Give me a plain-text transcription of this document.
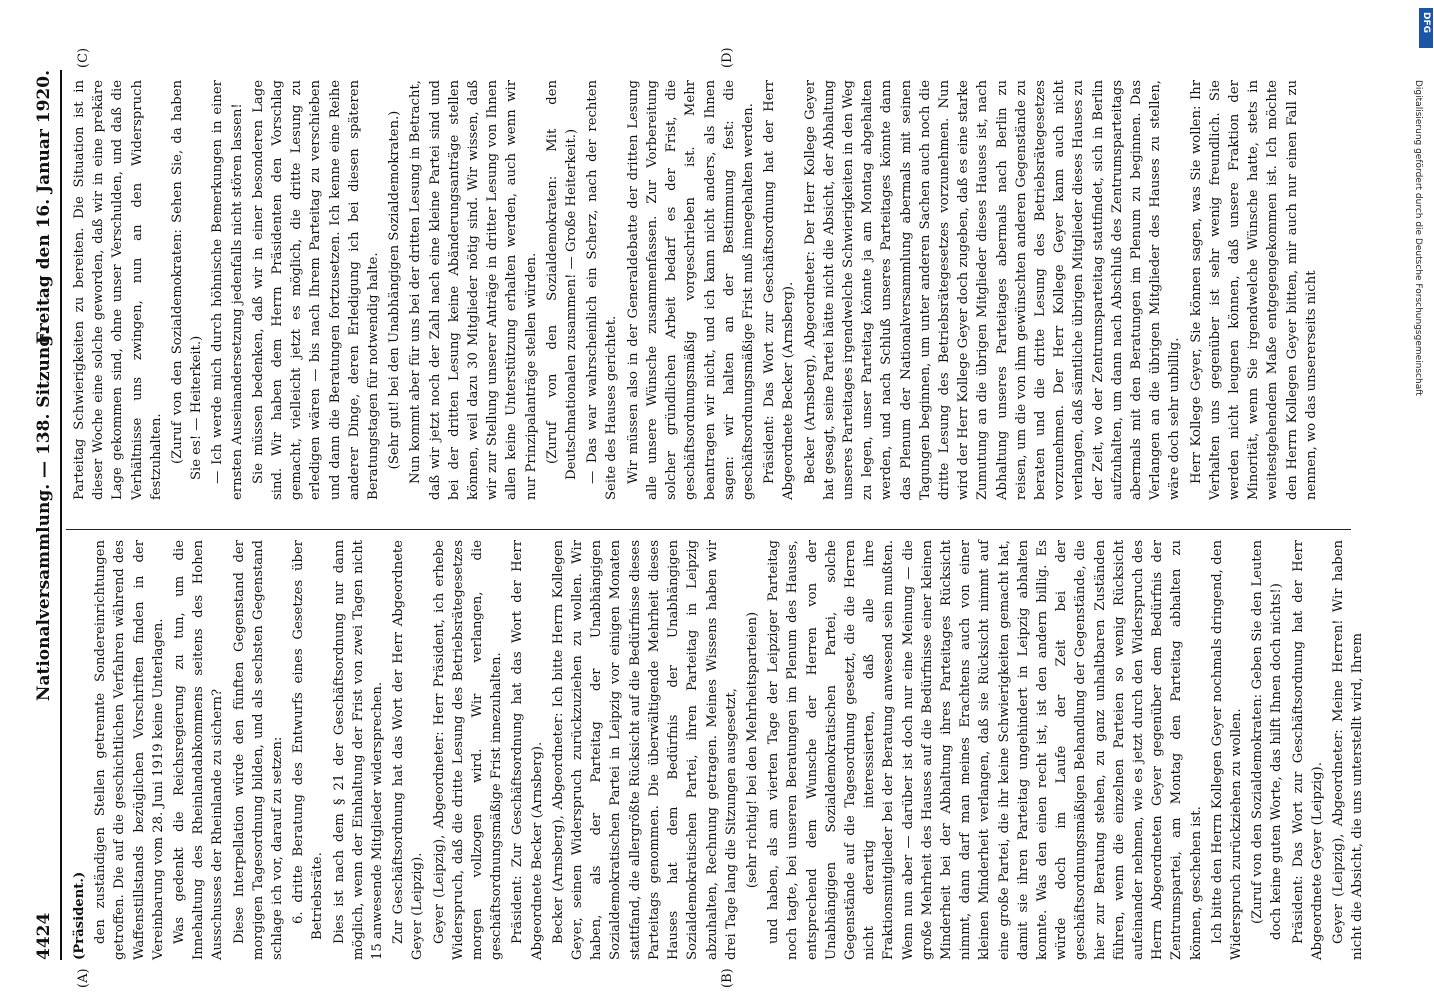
4424
Nationalversammlung. — 138. Sitzung.
Freitag den 16. Januar 1920.

(Präsident.) den zuständigen Stellen getrennte Sondereinrichtungen getroffen. Die auf die geschichtlichen Verfahren während des Waffenstillstands bezüglichen Vorschriften finden in der Vereinbarung vom 28. Juni 1919 keine Unterlagen. Was gedenkt die Reichsregierung zu tun, um die Innehaltung des Rheinlandabkommens seitens des Hohen Ausschusses der Rheinlande zu sichern? Diese Interpellation würde den fünften Gegenstand der morgigen Tagesordnung bilden, und als sechsten Gegenstand schlage ich vor, darauf zu setzen: 6. dritte Beratung des Entwurfs eines Gesetzes über Betriebsräte. Dies ist nach dem § 21 der Geschäftsordnung nur dann möglich, wenn der Einhaltung der Frist von zwei Tagen nicht 15 anwesende Mitglieder widersprechen. Zur Geschäftsordnung hat das Wort der Herr Abgeordnete Geyer (Leipzig). Geyer (Leipzig), Abgeordneter: Herr Präsident, ich erhebe Widerspruch, daß die dritte Lesung des Betriebsrätegesetzes morgen vollzogen wird. Wir verlangen, die geschäftsordnungsmäßige Frist innezuhalten. Präsident: Zur Geschäftsordnung hat das Wort der Herr Abgeordnete Becker (Arnsberg). Becker (Arnsberg), Abgeordneter: Ich bitte Herrn Kollegen Geyer, seinen Widerspruch zurückzuziehen zu wollen. Wir haben, als der Parteitag der Unabhängigen Sozialdemokratischen Partei in Leipzig vor einigen Monaten stattfand, die allergrößte Rücksicht auf die Bedürfnisse dieses Parteitags genommen. Die überwältigende Mehrheit dieses Hauses hat dem Bedürfnis der Unabhängigen Sozialdemokratischen Partei, ihren Parteitag in Leipzig abzuhalten, Rechnung getragen. Meines Wissens haben wir drei Tage lang die Sitzungen ausgesetzt, (sehr richtig! bei den Mehrheitsparteien) und haben, als am vierten Tage der Leipziger Parteitag noch tagte, bei unseren Beratungen im Plenum des Hauses, entsprechend dem Wunsche der Herren von der Unabhängigen Sozialdemokratischen Partei, solche Gegenstände auf die Tagesordnung gesetzt, die die Herren nicht derartig interessierten, daß alle ihre Fraktionsmitglieder bei der Beratung anwesend sein mußten. Wenn nun aber — darüber ist doch nur eine Meinung — die große Mehrheit des Hauses auf die Bedürfnisse einer kleinen Minderheit bei der Abhaltung ihres Parteitages Rücksicht nimmt, dann darf man meines Erachtens auch von einer kleinen Minderheit verlangen, daß sie Rücksicht nimmt auf eine große Partei, die ihr keine Schwierigkeiten gemacht hat, damit sie ihren Parteitag ungehindert in Leipzig abhalten konnte. Was den einen recht ist, ist den andern billig. Es würde doch im Laufe der Zeit bei der geschäftsordnungsmäßigen Behandlung der Gegenstände, die hier zur Beratung stehen, zu ganz unhaltbaren Zuständen führen, wenn die einzelnen Parteien so wenig Rücksicht aufeinander nehmen, wie es jetzt durch den Widerspruch des Herrn Abgeordneten Geyer gegenüber dem Bedürfnis der Zentrumspartei, am Montag den Parteitag abhalten zu können, geschehen ist. Ich bitte den Herrn Kollegen Geyer nochmals dringend, den Widerspruch zurückziehen zu wollen. (Zuruf von den Sozialdemokraten: Geben Sie den Leuten doch keine guten Worte, das hilft Ihnen doch nichts!) Präsident: Das Wort zur Geschäftsordnung hat der Herr Abgeordnete Geyer (Leipzig). Geyer (Leipzig), Abgeordneter: Meine Herren! Wir haben nicht die Absicht, die uns unterstellt wird, Ihrem

Parteitag Schwierigkeiten zu bereiten. Die Situation ist in dieser Woche eine solche geworden, daß wir in eine prekäre Lage gekommen sind, ohne unser Verschulden, und daß die Verhältnisse uns zwingen, nun an den Widerspruch festzuhalten. (Zuruf von den Sozialdemokraten: Sehen Sie, da haben Sie es! — Heiterkeit.) — Ich werde mich durch höhnische Bemerkungen in einer ernsten Auseinandersetzung jedenfalls nicht stören lassen! Sie müssen bedenken, daß wir in einer besonderen Lage sind. Wir haben dem Herrn Präsidenten den Vorschlag gemacht, vielleicht jetzt es möglich, die dritte Lesung zu erledigen wären — bis nach Ihrem Parteitag zu verschieben und dann die Beratungen fortzusetzen. Ich kenne eine Reihe anderer Dinge, deren Erledigung ich bei diesen späteren Beratungstagen für notwendig halte. (Sehr gut! bei den Unabhängigen Sozialdemokraten.) Nun kommt aber für uns bei der dritten Lesung in Betracht, daß wir jetzt noch der Zahl nach eine kleine Partei sind und bei der dritten Lesung keine Abänderungsanträge stellen können, weil dazu 30 Mitglieder nötig sind. Wir wissen, daß wir zur Stellung unserer Anträge in dritter Lesung von Ihnen allen keine Unterstützung erhalten werden, auch wenn wir nur Prinzipalanträge stellen würden. (Zuruf von den Sozialdemokraten: Mit den Deutschnationalen zusammen! — Große Heiterkeit.) — Das war wahrscheinlich ein Scherz, nach der rechten Seite des Hauses gerichtet. Wir müssen also in der Generaldebatte der dritten Lesung alle unsere Wünsche zusammenfassen. Zur Vorbereitung solcher gründlichen Arbeit bedarf es der Frist, die geschäftsordnungsmäßig vorgeschrieben ist. Mehr beantragen wir nicht, und ich kann nicht anders, als Ihnen sagen: wir halten an der Bestimmung fest: die geschäftsordnungsmäßige Frist muß innegehalten werden. Präsident: Das Wort zur Geschäftsordnung hat der Herr Abgeordnete Becker (Arnsberg). Becker (Arnsberg), Abgeordneter: Der Herr Kollege Geyer hat gesagt, seine Partei hätte nicht die Absicht, der Abhaltung unseres Parteitages irgendwelche Schwierigkeiten in den Weg zu legen, unser Parteitag könnte ja am Montag abgehalten werden, und nach Schluß unseres Parteitages könnte dann das Plenum der Nationalversammlung abermals mit seinen Tagungen beginnen, um unter anderen Sachen auch noch die dritte Lesung des Betriebsrätegesetzes vorzunehmen. Nun wird der Herr Kollege Geyer doch zugeben, daß es eine starke Zumutung an die übrigen Mitglieder dieses Hauses ist, nach Abhaltung unseres Parteitages abermals nach Berlin zu reisen, um die von ihm gewünschten anderen Gegenstände zu beraten und die dritte Lesung des Betriebsrätegesetzes vorzunehmen. Der Herr Kollege Geyer kann auch nicht verlangen, daß sämtliche übrigen Mitglieder dieses Hauses zu der Zeit, wo der Zentrumsparteitag stattfindet, sich in Berlin aufzuhalten, um dann nach Abschluß des Zentrumsparteitags abermals mit den Beratungen im Plenum zu beginnen. Das Verlangen an die übrigen Mitglieder des Hauses zu stellen, wäre doch sehr unbillig. Herr Kollege Geyer, Sie können sagen, was Sie wollen: Ihr Verhalten uns gegenüber ist sehr wenig freundlich. Sie werden nicht leugnen können, daß unsere Fraktion der Minorität, wenn Sie irgendwelche Wünsche hatte, stets in weitestgehendem Maße entgegengekommen ist. Ich möchte den Herrn Kollegen Geyer bitten, mir auch nur einen Fall zu nennen, wo das unsererseits nicht

(A)	(B)
(C)	(D)
DFG
Digitalisierung gefördert durch die Deutsche Forschungsgemeinschaft
